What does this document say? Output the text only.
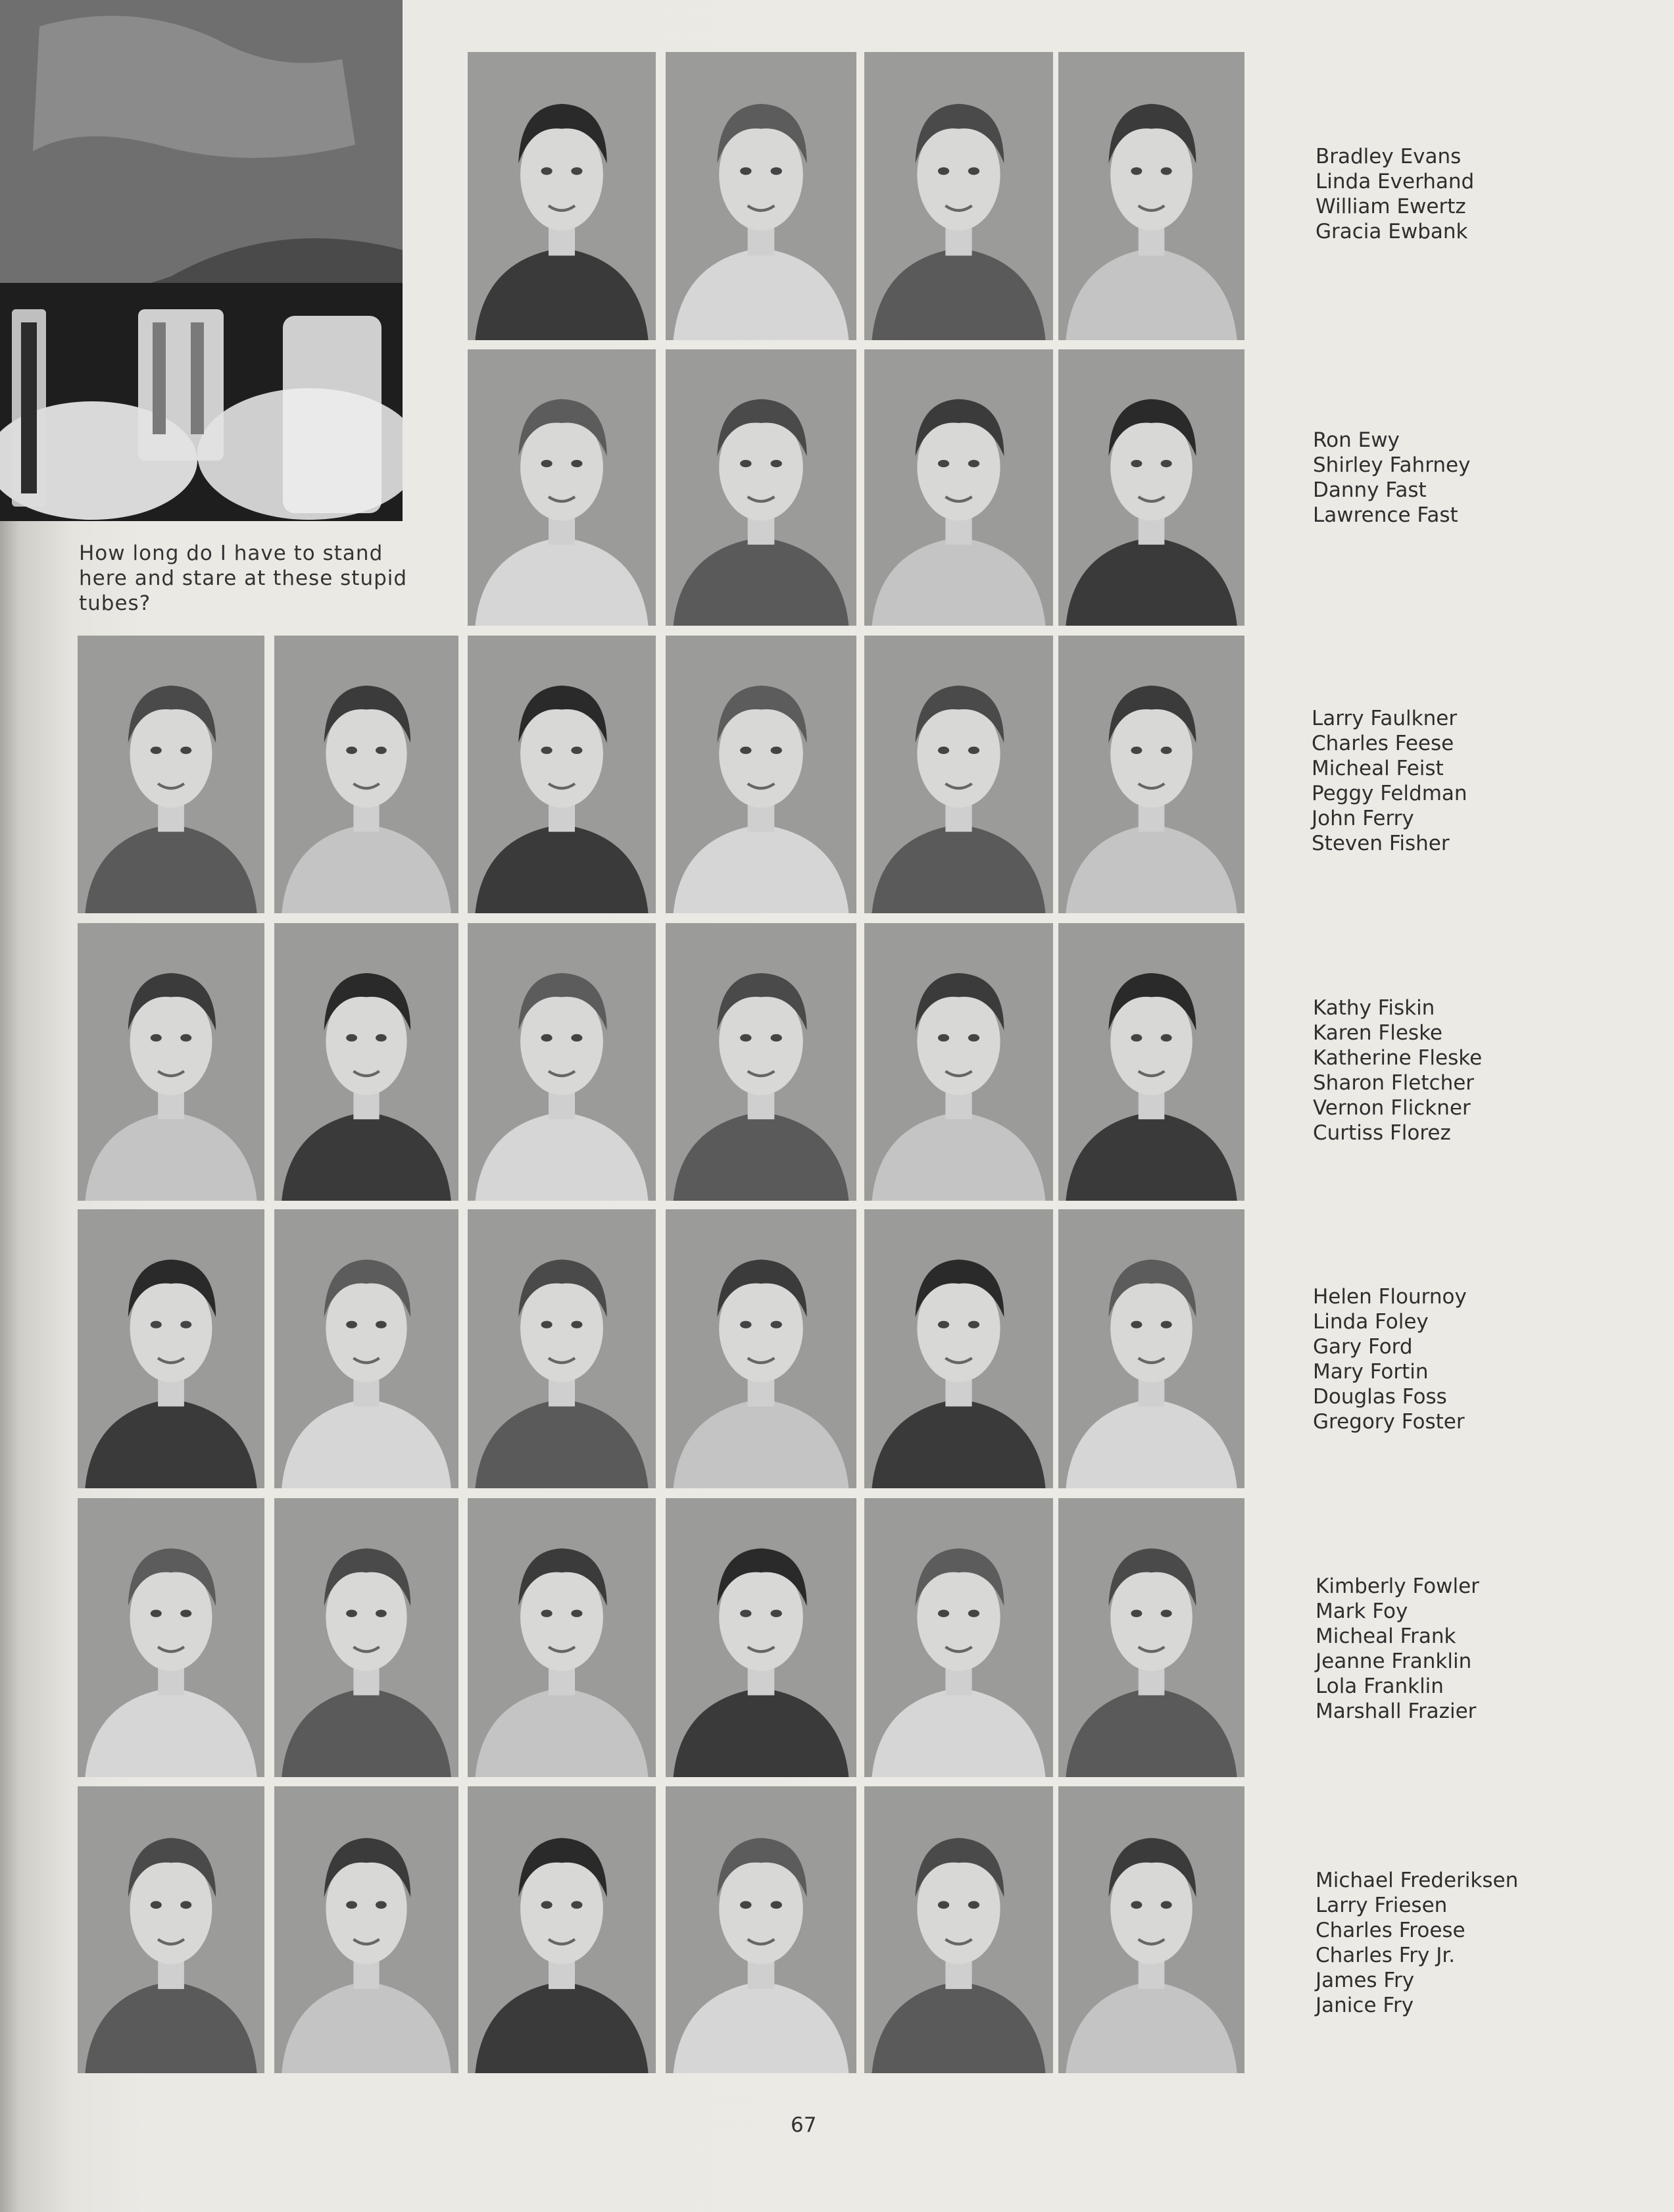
How long do I have to stand here and stare at these stupid tubes?
Bradley Evans
Linda Everhand
William Ewertz
Gracia Ewbank
Ron Ewy
Shirley Fahrney
Danny Fast
Lawrence Fast
Larry Faulkner
Charles Feese
Micheal Feist
Peggy Feldman
John Ferry
Steven Fisher
Kathy Fiskin
Karen Fleske
Katherine Fleske
Sharon Fletcher
Vernon Flickner
Curtiss Florez
Helen Flournoy
Linda Foley
Gary Ford
Mary Fortin
Douglas Foss
Gregory Foster
Kimberly Fowler
Mark Foy
Micheal Frank
Jeanne Franklin
Lola Franklin
Marshall Frazier
Michael Frederiksen
Larry Friesen
Charles Froese
Charles Fry Jr.
James Fry
Janice Fry
67
